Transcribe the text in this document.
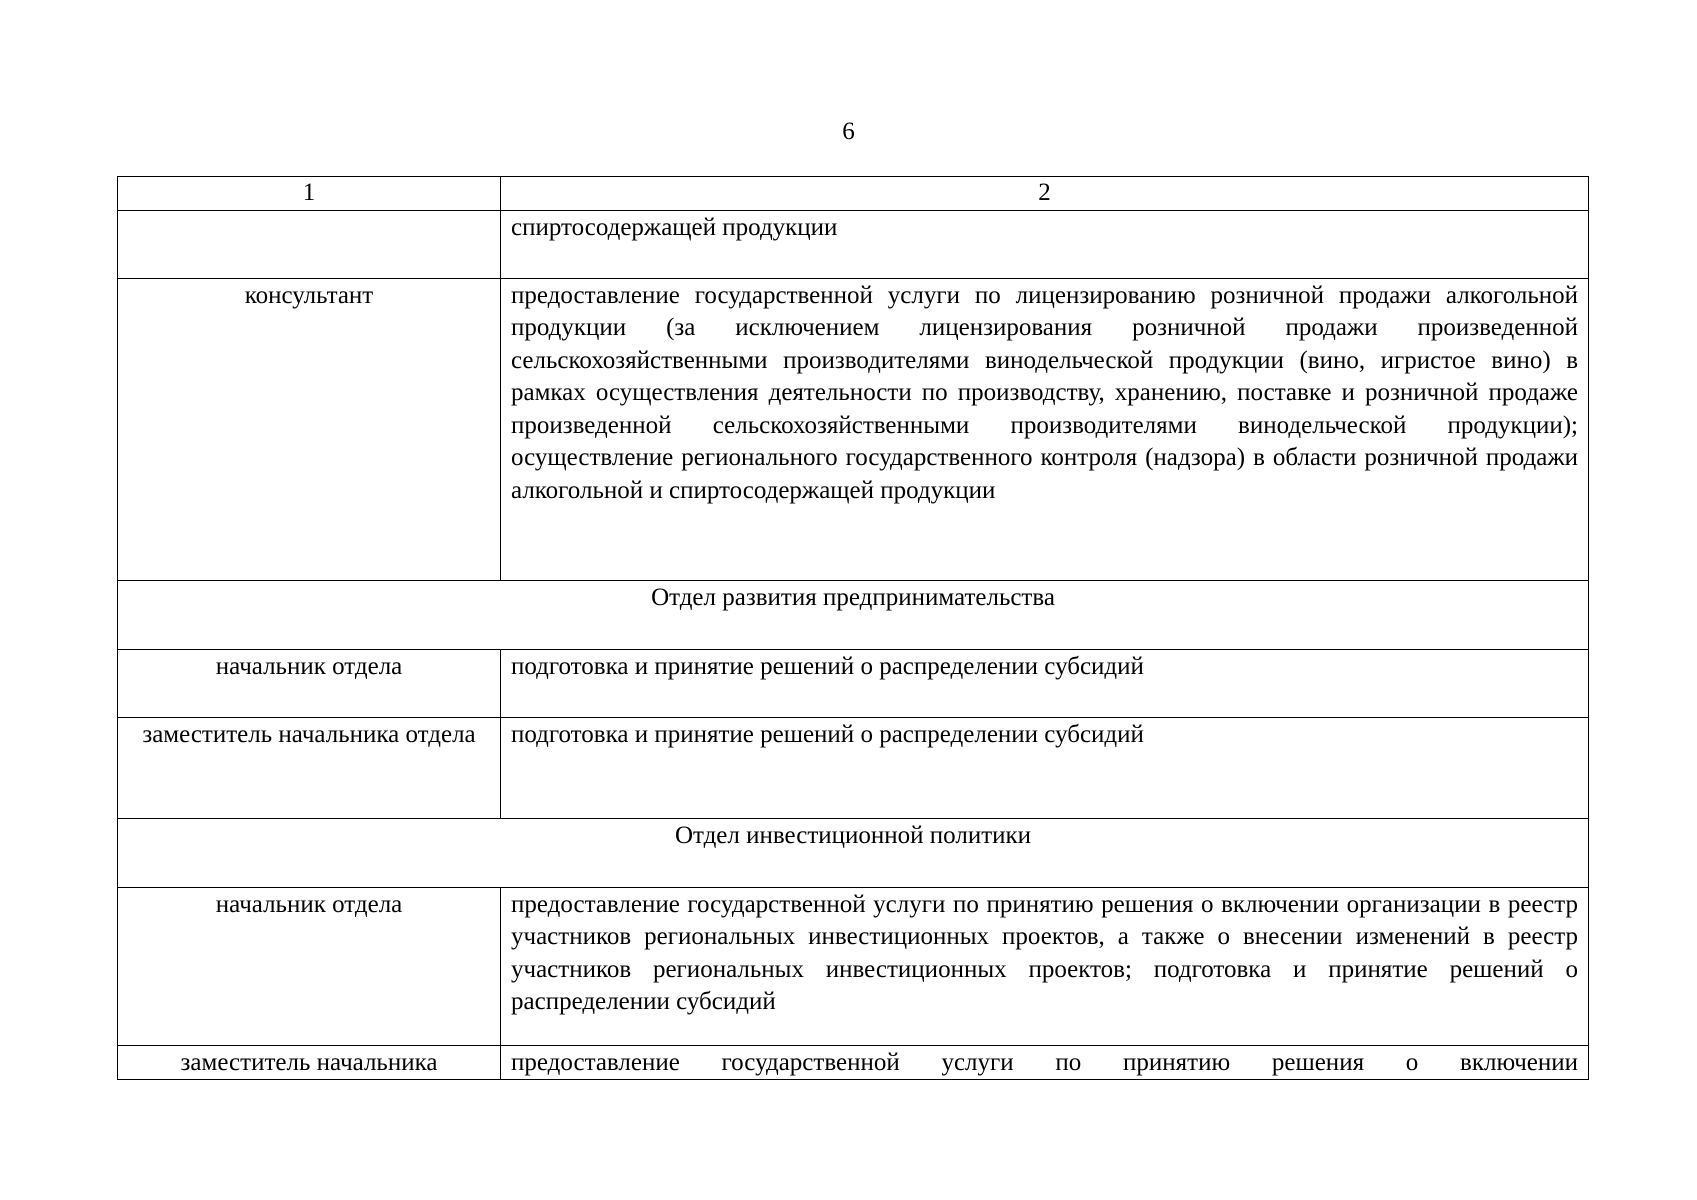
6
1	2
	спиртосодержащей продукции
консультант	предоставление государственной услуги по лицензированию розничной продажи алкогольной продукции (за исключением лицензирования розничной продажи произведенной сельскохозяйственными производителями винодельческой продукции (вино, игристое вино) в рамках осуществления деятельности по производству, хранению, поставке и розничной продаже произведенной сельскохозяйственными производителями винодельческой продукции); осуществление регионального государственного контроля (надзора) в области розничной продажи алкогольной и спиртосодержащей продукции
Отдел развития предпринимательства	
начальник отдела	подготовка и принятие решений о распределении субсидий
заместитель начальника отдела	подготовка и принятие решений о распределении субсидий
Отдел инвестиционной политики	
начальник отдела	предоставление государственной услуги по принятию решения о включении организации в реестр участников региональных инвестиционных проектов, а также о внесении изменений в реестр участников региональных инвестиционных проектов; подготовка и принятие решений о распределении субсидий
заместитель начальника	предоставление государственной услуги по принятию решения о включении
